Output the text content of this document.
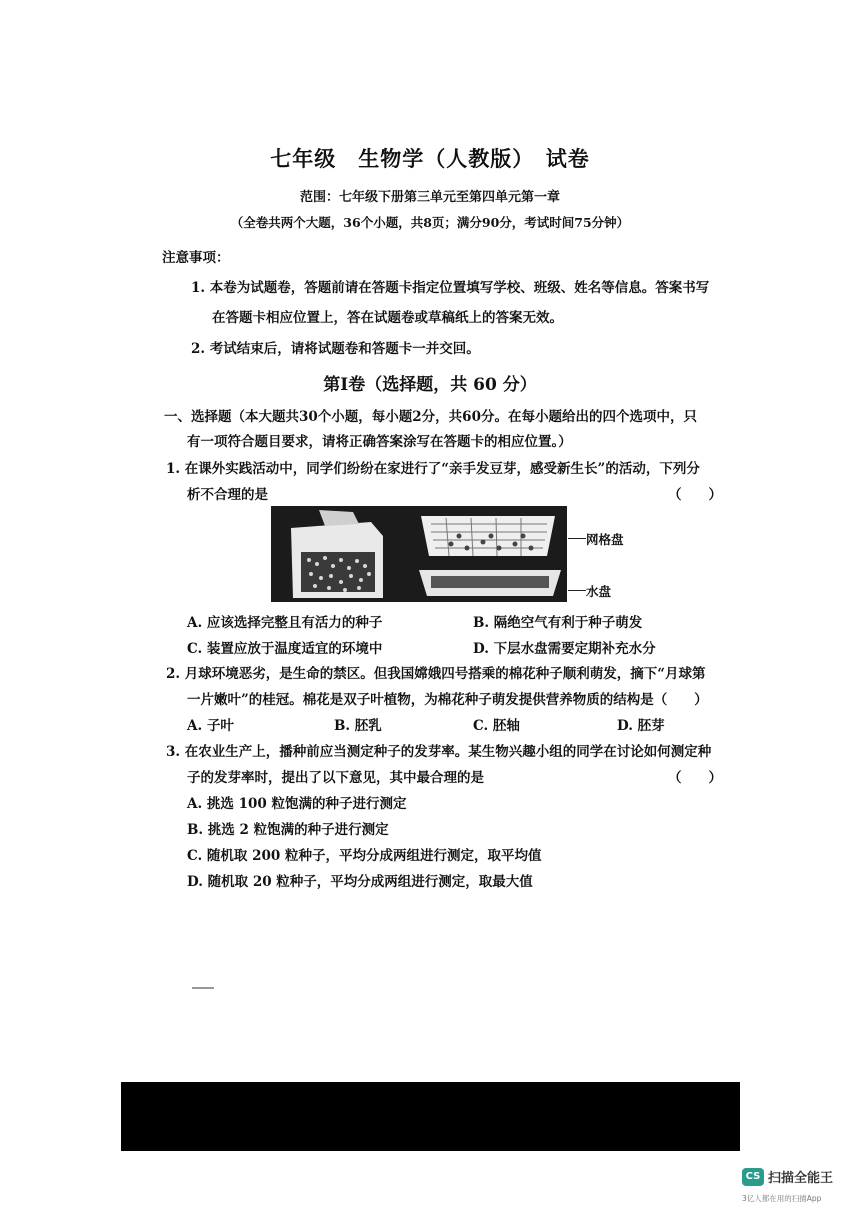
七年级　生物学（人教版）　试卷
范围：七年级下册第三单元至第四单元第一章
（全卷共两个大题，36个小题，共8页；满分90分，考试时间75分钟）
注意事项：
1. 本卷为试题卷，答题前请在答题卡指定位置填写学校、班级、姓名等信息。答案书写
在答题卡相应位置上，答在试题卷或草稿纸上的答案无效。
2. 考试结束后，请将试题卷和答题卡一并交回。
第Ⅰ卷（选择题，共 60 分）
一、选择题（本大题共30个小题，每小题2分，共60分。在每小题给出的四个选项中，只
有一项符合题目要求，请将正确答案涂写在答题卡的相应位置。）
1. 在课外实践活动中，同学们纷纷在家进行了“亲手发豆芽，感受新生长”的活动，下列分
析不合理的是	（　　）
网格盘
水盘
A. 应该选择完整且有活力的种子	B. 隔绝空气有利于种子萌发
C. 装置应放于温度适宜的环境中	D. 下层水盘需要定期补充水分
2. 月球环境恶劣，是生命的禁区。但我国嫦娥四号搭乘的棉花种子顺利萌发，摘下“月球第
一片嫩叶”的桂冠。棉花是双子叶植物，为棉花种子萌发提供营养物质的结构是（　　）
A. 子叶	B. 胚乳	C. 胚轴	D. 胚芽
3. 在农业生产上，播种前应当测定种子的发芽率。某生物兴趣小组的同学在讨论如何测定种
子的发芽率时，提出了以下意见，其中最合理的是	（　　）
A. 挑选 100 粒饱满的种子进行测定
B. 挑选 2 粒饱满的种子进行测定
C. 随机取 200 粒种子，平均分成两组进行测定，取平均值
D. 随机取 20 粒种子，平均分成两组进行测定，取最大值
CS 扫描全能王
3亿人都在用的扫描App
